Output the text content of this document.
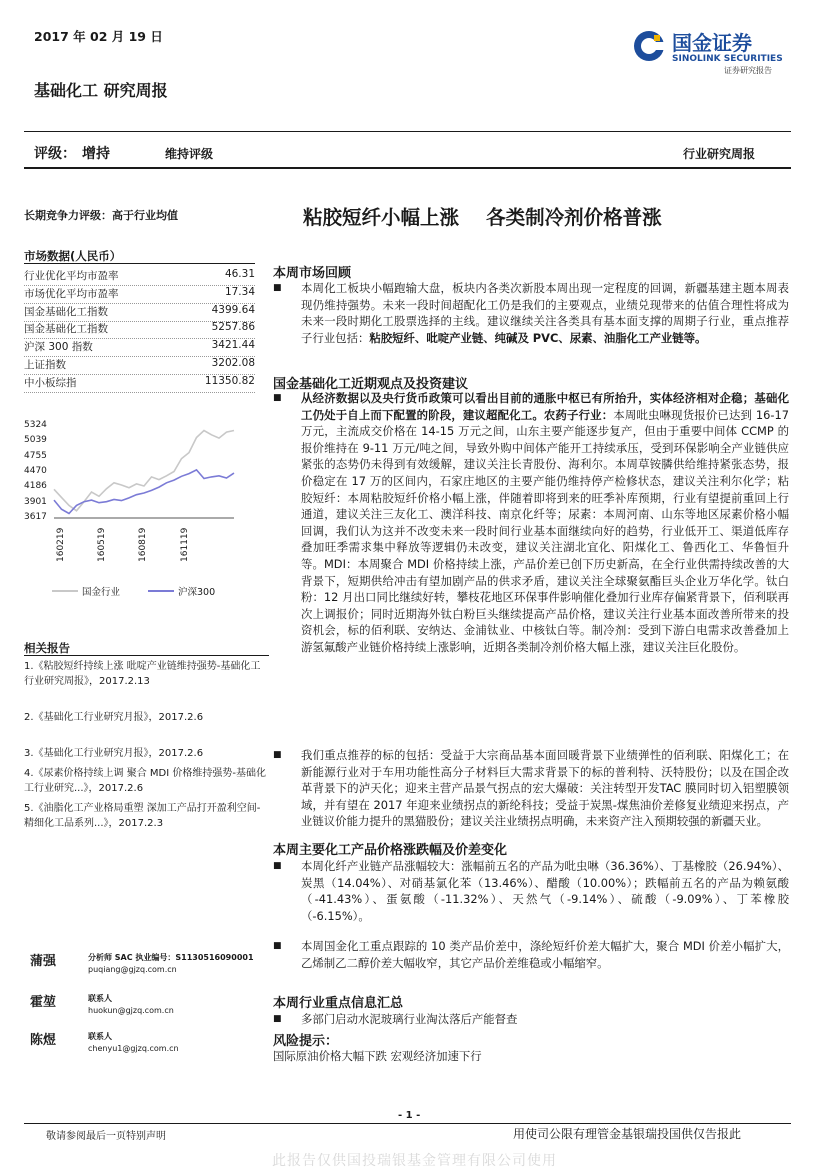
2017 年 02 月 19 日
基础化工 研究周报
国金证券
SINOLINK SECURITIES
证券研究报告
评级： 增持	维持评级	行业研究周报
长期竞争力评级：高于行业均值
市场数据(人民币）
行业优化平均市盈率	46.31
市场优化平均市盈率	17.34
国金基础化工指数	4399.64
国金基础化工指数	5257.86
沪深 300 指数	3421.44
上证指数	3202.08
中小板综指	11350.82
5324
5039
4755
4470
4186
3901
3617
160219	160519	160819	161119
国金行业	沪深300
相关报告
1.《粘胶短纤持续上涨 吡啶产业链维持强势-基础化工行业研究周报》，2017.2.13
2.《基础化工行业研究月报》，2017.2.6
3.《基础化工行业研究月报》，2017.2.6
4.《尿素价格持续上调 聚合 MDI 价格维持强势-基础化工行业研究...》，2017.2.6
5.《油脂化工产业格局重塑 深加工产品打开盈利空间-精细化工品系列...》，2017.2.3
蒲强	分析师 SAC 执业编号：S1130516090001
puqiang@gjzq.com.cn
霍堃	联系人
huokun@gjzq.com.cn
陈煜	联系人
chenyu1@gjzq.com.cn
粘胶短纤小幅上涨    各类制冷剂价格普涨
本周市场回顾
■ 本周化工板块小幅跑输大盘，板块内各类次新股本周出现一定程度的回调，新疆基建主题本周表现仍维持强势。未来一段时间超配化工仍是我们的主要观点，业绩兑现带来的估值合理性将成为未来一段时期化工股票选择的主线。建议继续关注各类具有基本面支撑的周期子行业，重点推荐子行业包括：粘胶短纤、吡啶产业链、纯碱及 PVC、尿素、油脂化工产业链等。
国金基础化工近期观点及投资建议
■ 从经济数据以及央行货币政策可以看出目前的通胀中枢已有所抬升，实体经济相对企稳；基础化工仍处于自上而下配置的阶段，建议超配化工。农药子行业：本周吡虫啉现货报价已达到 16-17 万元，主流成交价格在 14-15 万元之间，山东主要产能逐步复产，但由于重要中间体 CCMP 的报价维持在 9-11 万元/吨之间，导致外购中间体产能开工持续承压，受到环保影响全产业链供应紧张的态势仍未得到有效缓解，建议关注长青股份、海利尔。本周草铵膦供给维持紧张态势，报价稳定在 17 万的区间内，石家庄地区的主要产能仍维持停产检修状态，建议关注利尔化学；粘胶短纤：本周粘胶短纤价格小幅上涨，伴随着即将到来的旺季补库预期，行业有望提前重回上行通道，建议关注三友化工、澳洋科技、南京化纤等；尿素：本周河南、山东等地区尿素价格小幅回调，我们认为这并不改变未来一段时间行业基本面继续向好的趋势，行业低开工、渠道低库存叠加旺季需求集中释放等逻辑仍未改变，建议关注湖北宜化、阳煤化工、鲁西化工、华鲁恒升等。MDI：本周聚合 MDI 价格持续上涨，产品价差已创下历史新高，在全行业供需持续改善的大背景下，短期供给冲击有望加剧产品的供求矛盾，建议关注全球聚氨酯巨头企业万华化学。钛白粉：12 月出口同比继续好转，攀枝花地区环保事件影响催化叠加行业库存偏紧背景下，佰利联再次上调报价；同时近期海外钛白粉巨头继续提高产品价格，建议关注行业基本面改善所带来的投资机会，标的佰利联、安纳达、金浦钛业、中核钛白等。制冷剂：受到下游白电需求改善叠加上游氢氟酸产业链价格持续上涨影响，近期各类制冷剂价格大幅上涨，建议关注巨化股份。
■ 我们重点推荐的标的包括：受益于大宗商品基本面回暖背景下业绩弹性的佰利联、阳煤化工；在新能源行业对于车用功能性高分子材料巨大需求背景下的标的普利特、沃特股份；以及在国企改革背景下的泸天化；迎来主营产品景气拐点的宏大爆破：关注转型开发TAC 膜同时切入铝塑膜领域，并有望在 2017 年迎来业绩拐点的新纶科技；受益于炭黑-煤焦油价差修复业绩迎来拐点，产业链议价能力提升的黑猫股份；建议关注业绩拐点明确，未来资产注入预期较强的新疆天业。
本周主要化工产品价格涨跌幅及价差变化
■ 本周化纤产业链产品涨幅较大：涨幅前五名的产品为吡虫啉（36.36%）、丁基橡胶（26.94%）、炭黑（14.04%）、对硝基氯化苯（13.46%）、醋酸（10.00%）；跌幅前五名的产品为赖氨酸（-41.43%）、蛋氨酸（-11.32%）、天然气（-9.14%）、硫酸（-9.09%）、丁苯橡胶（-6.15%）。
■ 本周国金化工重点跟踪的 10 类产品价差中，涤纶短纤价差大幅扩大，聚合 MDI 价差小幅扩大，乙烯制乙二醇价差大幅收窄，其它产品价差维稳或小幅缩窄。
本周行业重点信息汇总
■ 多部门启动水泥玻璃行业淘汰落后产能督查
风险提示：
国际原油价格大幅下跌 宏观经济加速下行
- 1 -
敬请参阅最后一页特别声明	用使司公限有理管金基银瑞投国供仅告报此
此报告仅供国投瑞银基金管理有限公司使用
